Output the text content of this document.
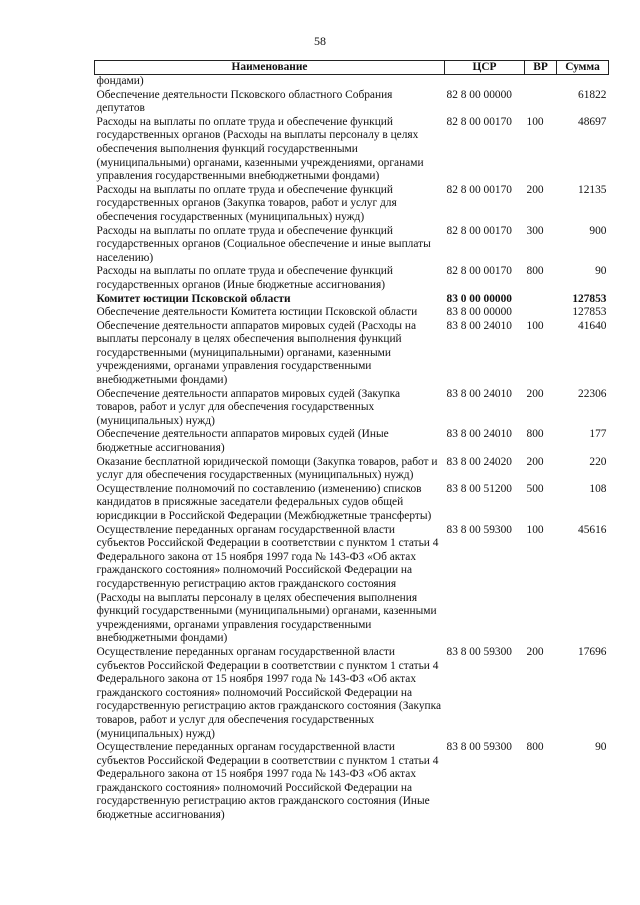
58
Наименование	ЦСР	ВР	Сумма
фондами)			
Обеспечение деятельности Псковского областного Собрания депутатов	82 8 00 00000		61822
Расходы на выплаты по оплате труда и обеспечение функций государственных органов (Расходы на выплаты персоналу в целях обеспечения выполнения функций государственными (муниципальными) органами, казенными учреждениями, органами управления государственными внебюджетными фондами)	82 8 00 00170	100	48697
Расходы на выплаты по оплате труда и обеспечение функций государственных органов (Закупка товаров, работ и услуг для обеспечения государственных (муниципальных) нужд)	82 8 00 00170	200	12135
Расходы на выплаты по оплате труда и обеспечение функций государственных органов (Социальное обеспечение и иные выплаты населению)	82 8 00 00170	300	900
Расходы на выплаты по оплате труда и обеспечение функций государственных органов (Иные бюджетные ассигнования)	82 8 00 00170	800	90
Комитет юстиции Псковской области	83 0 00 00000		127853
Обеспечение деятельности Комитета юстиции Псковской области	83 8 00 00000		127853
Обеспечение деятельности аппаратов мировых судей (Расходы на выплаты персоналу в целях обеспечения выполнения функций государственными (муниципальными) органами, казенными учреждениями, органами управления государственными внебюджетными фондами)	83 8 00 24010	100	41640
Обеспечение деятельности аппаратов мировых судей (Закупка товаров, работ и услуг для обеспечения государственных (муниципальных) нужд)	83 8 00 24010	200	22306
Обеспечение деятельности аппаратов мировых судей (Иные бюджетные ассигнования)	83 8 00 24010	800	177
Оказание бесплатной юридической помощи (Закупка товаров, работ и услуг для обеспечения государственных (муниципальных) нужд)	83 8 00 24020	200	220
Осуществление полномочий по составлению (изменению) списков кандидатов в присяжные заседатели федеральных судов общей юрисдикции в Российской Федерации (Межбюджетные трансферты)	83 8 00 51200	500	108
Осуществление переданных органам государственной власти субъектов Российской Федерации в соответствии с пунктом 1 статьи 4 Федерального закона от 15 ноября 1997 года № 143-ФЗ «Об актах гражданского состояния» полномочий Российской Федерации на государственную регистрацию актов гражданского состояния (Расходы на выплаты персоналу в целях обеспечения выполнения функций государственными (муниципальными) органами, казенными учреждениями, органами управления государственными внебюджетными фондами)	83 8 00 59300	100	45616
Осуществление переданных органам государственной власти субъектов Российской Федерации в соответствии с пунктом 1 статьи 4 Федерального закона от 15 ноября 1997 года № 143-ФЗ «Об актах гражданского состояния» полномочий Российской Федерации на государственную регистрацию актов гражданского состояния (Закупка товаров, работ и услуг для обеспечения государственных (муниципальных) нужд)	83 8 00 59300	200	17696
Осуществление переданных органам государственной власти субъектов Российской Федерации в соответствии с пунктом 1 статьи 4 Федерального закона от 15 ноября 1997 года № 143-ФЗ «Об актах гражданского состояния» полномочий Российской Федерации на государственную регистрацию актов гражданского состояния (Иные бюджетные ассигнования)	83 8 00 59300	800	90
